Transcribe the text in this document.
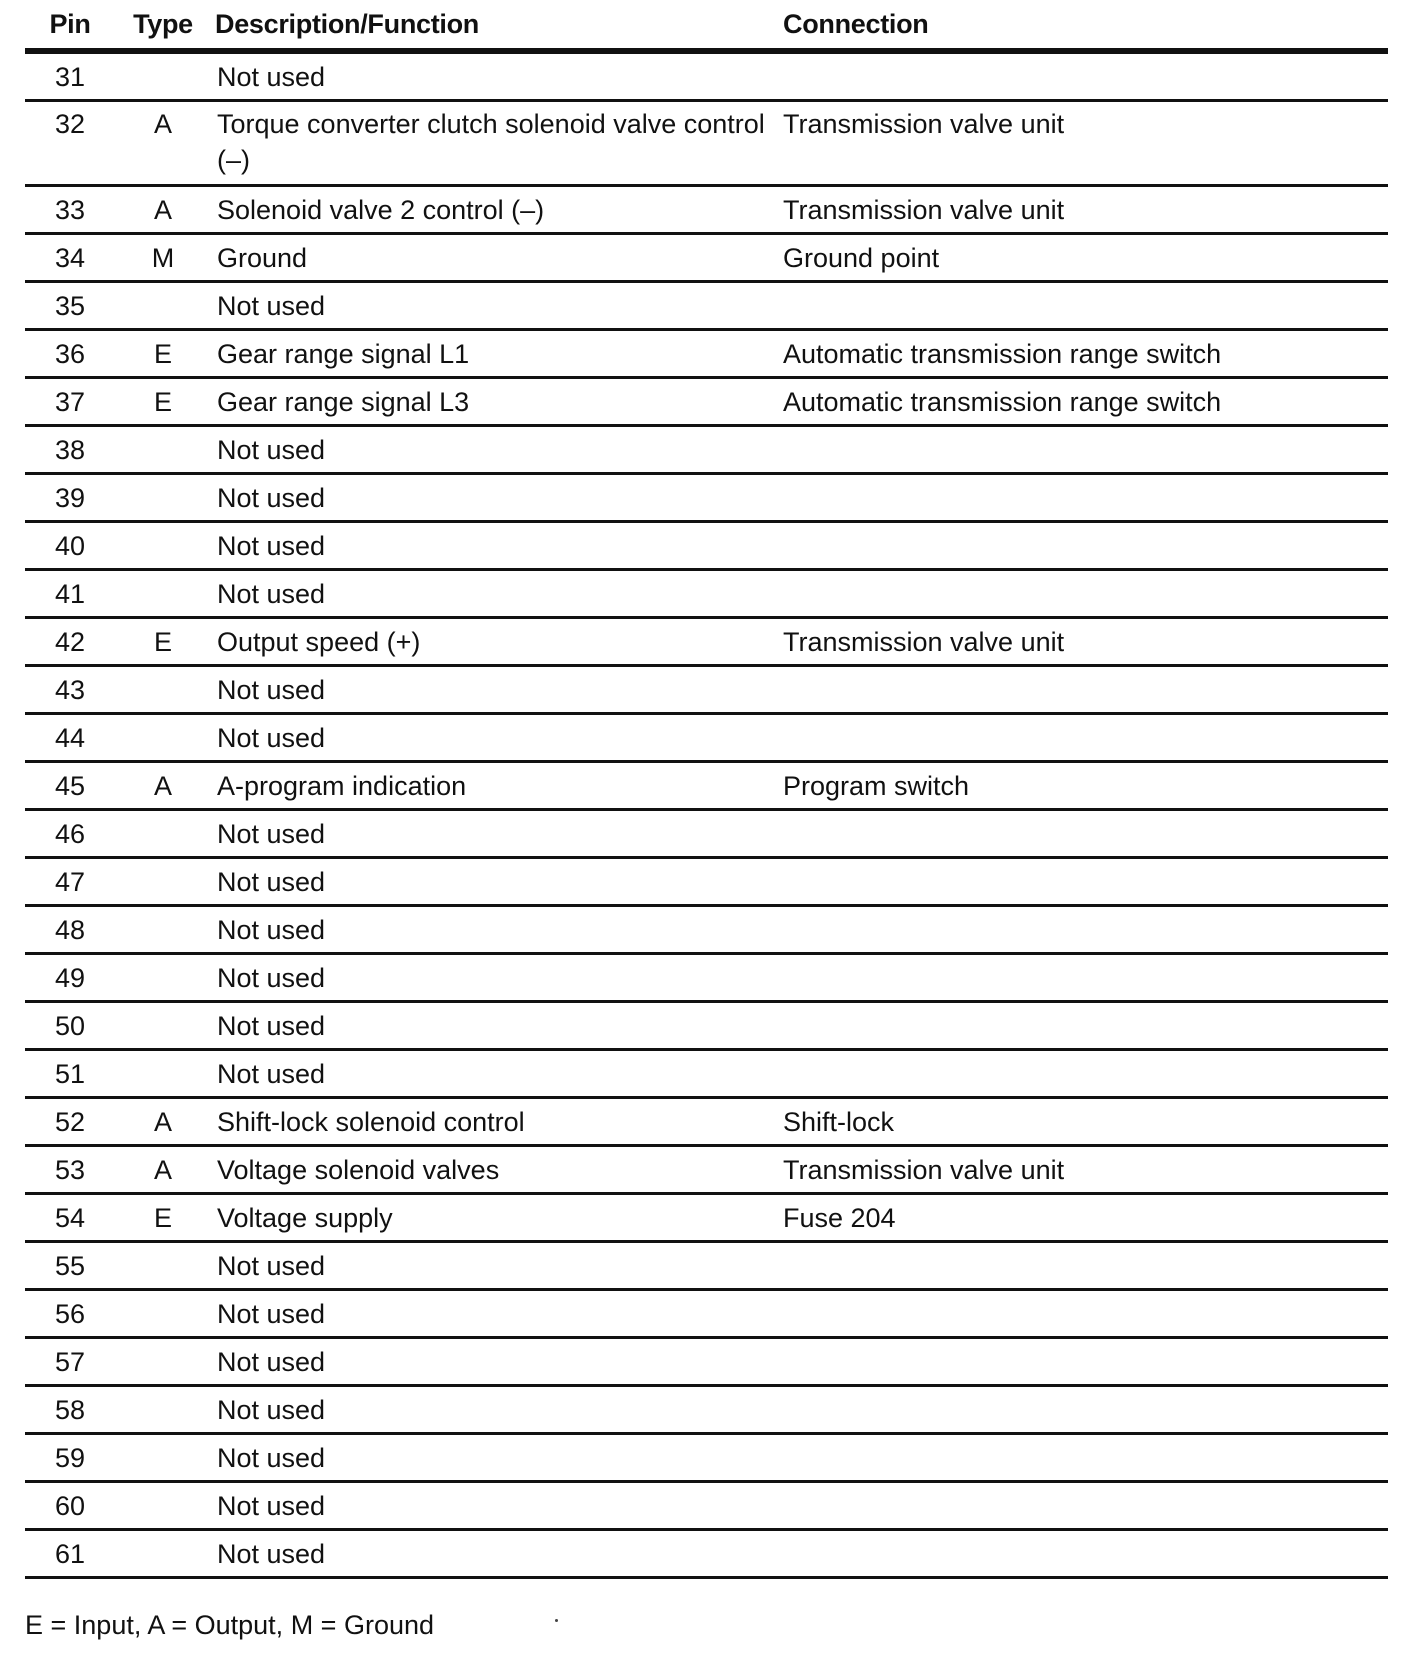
Pin	Type	Description/Function	Connection
31		Not used	
32	A	Torque converter clutch solenoid valve control (–)	Transmission valve unit
33	A	Solenoid valve 2 control (–)	Transmission valve unit
34	M	Ground	Ground point
35		Not used	
36	E	Gear range signal L1	Automatic transmission range switch
37	E	Gear range signal L3	Automatic transmission range switch
38		Not used	
39		Not used	
40		Not used	
41		Not used	
42	E	Output speed (+)	Transmission valve unit
43		Not used	
44		Not used	
45	A	A-program indication	Program switch
46		Not used	
47		Not used	
48		Not used	
49		Not used	
50		Not used	
51		Not used	
52	A	Shift-lock solenoid control	Shift-lock
53	A	Voltage solenoid valves	Transmission valve unit
54	E	Voltage supply	Fuse 204
55		Not used	
56		Not used	
57		Not used	
58		Not used	
59		Not used	
60		Not used	
61		Not used	
E = Input, A = Output, M = Ground
